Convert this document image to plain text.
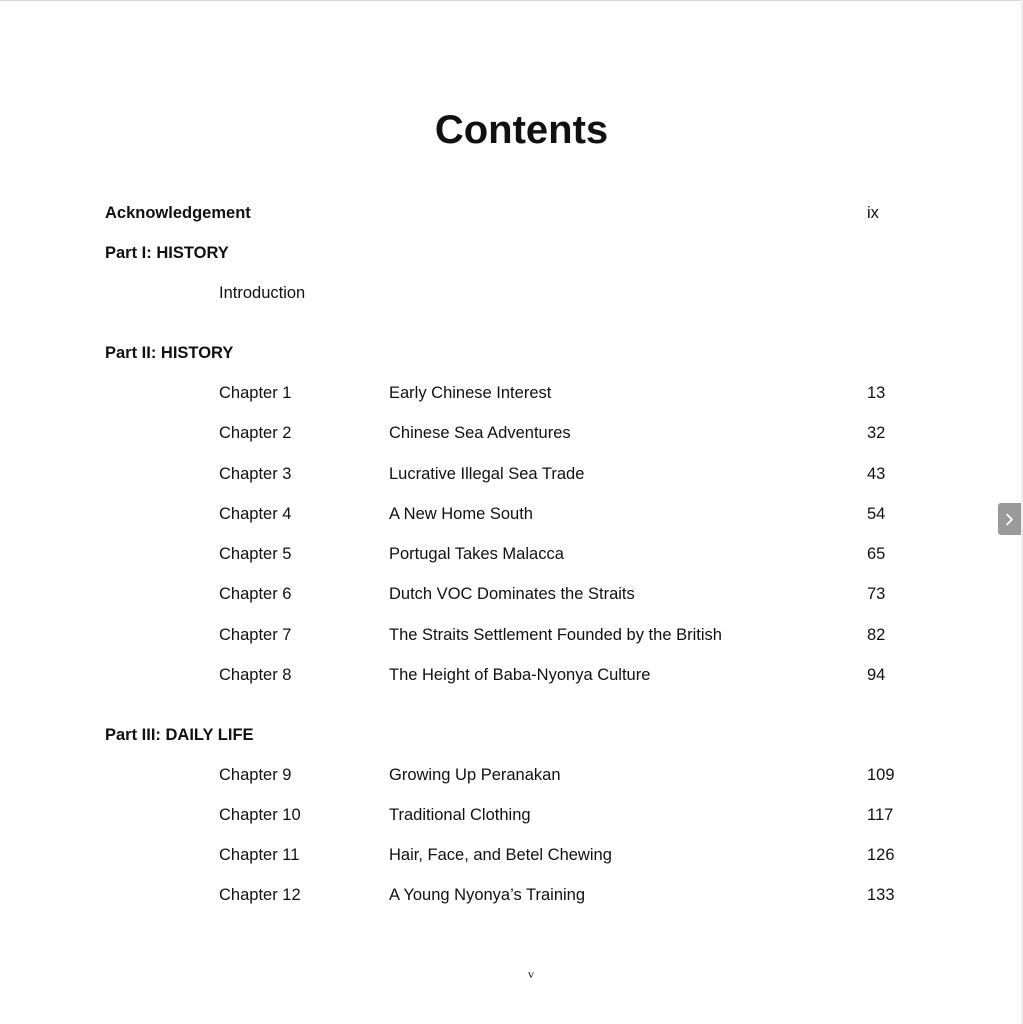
Contents
Acknowledgement	ix
Part I: HISTORY
Introduction
Part II: HISTORY
Chapter 1	Early Chinese Interest	13
Chapter 2	Chinese Sea Adventures	32
Chapter 3	Lucrative Illegal Sea Trade	43
Chapter 4	A New Home South	54
Chapter 5	Portugal Takes Malacca	65
Chapter 6	Dutch VOC Dominates the Straits	73
Chapter 7	The Straits Settlement Founded by the British	82
Chapter 8	The Height of Baba-Nyonya Culture	94
Part III: DAILY LIFE
Chapter 9	Growing Up Peranakan	109
Chapter 10	Traditional Clothing	117
Chapter 11	Hair, Face, and Betel Chewing	126
Chapter 12	A Young Nyonya’s Training	133
v
